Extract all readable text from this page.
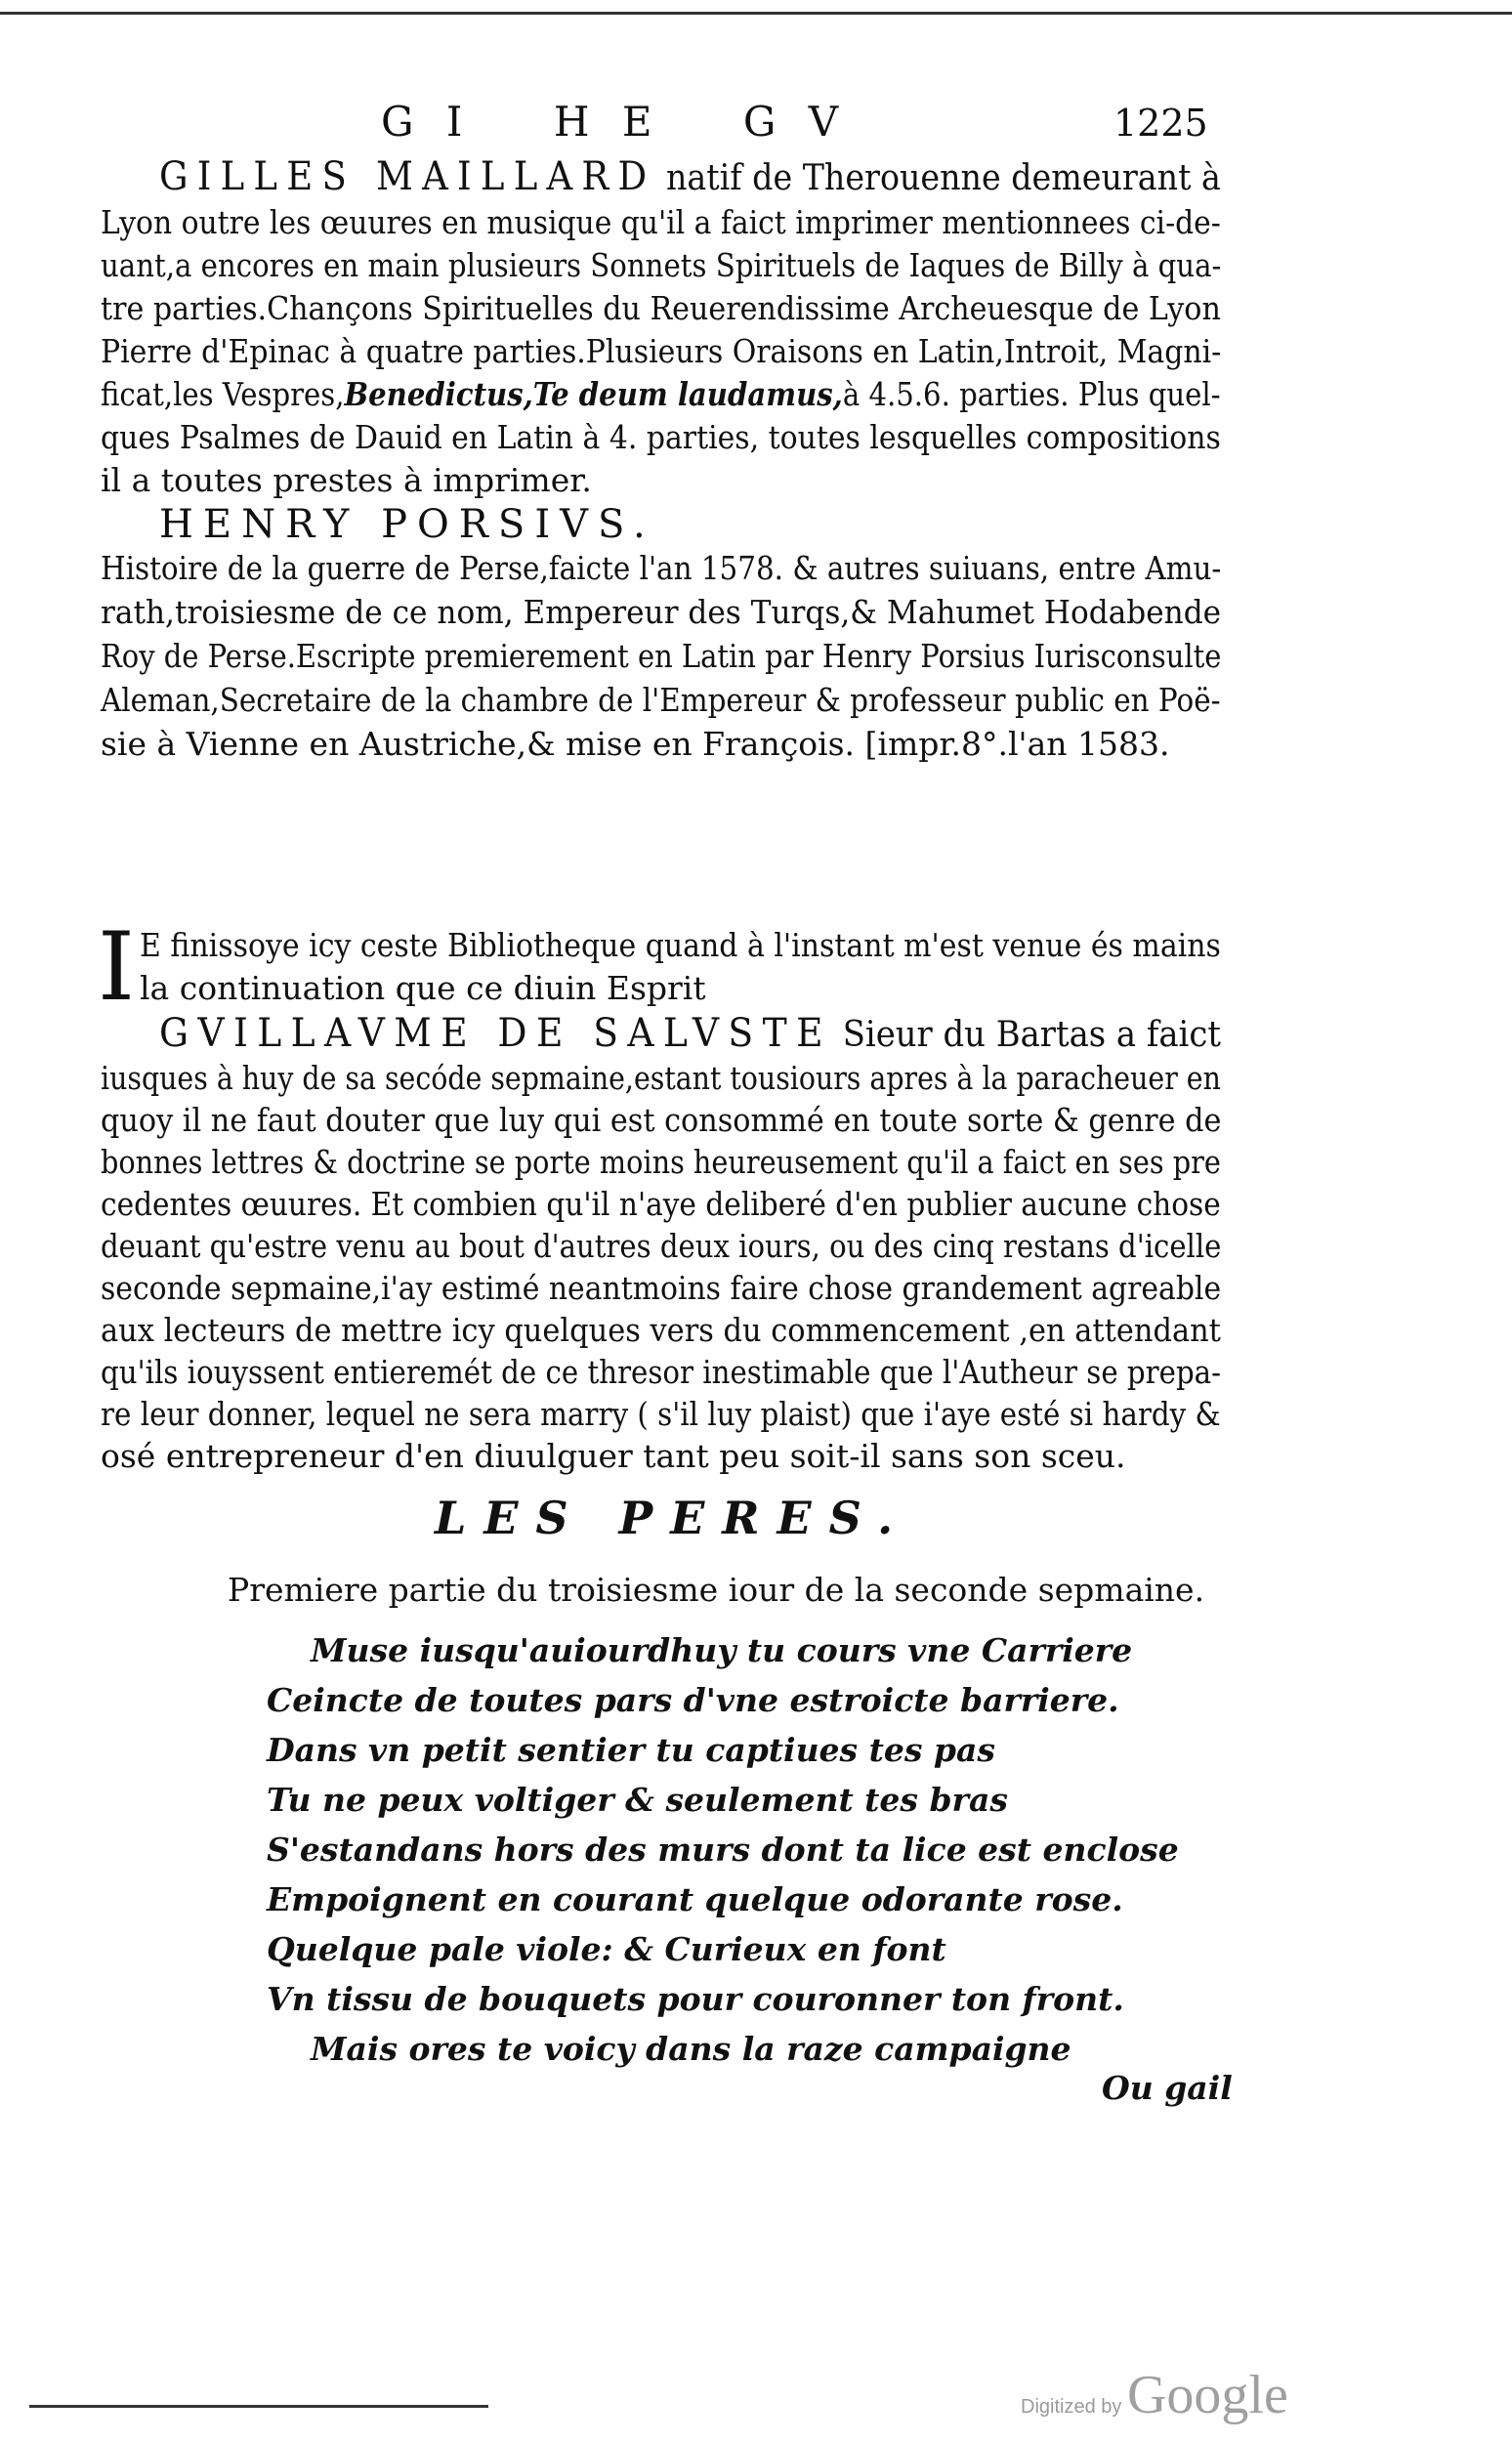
G I H E G V	1225
GILLES MAILLARD natif de Therouenne demeurant à
Lyon outre les œuures en musique qu'il a faict imprimer mentionnees ci-de-
uant,a encores en main plusieurs Sonnets Spirituels de Iaques de Billy à qua-
tre parties.Chançons Spirituelles du Reuerendissime Archeuesque de Lyon
Pierre d'Epinac à quatre parties.Plusieurs Oraisons en Latin,Introit, Magni-
ficat,les Vespres,Benedictus,Te deum laudamus,à 4.5.6. parties. Plus quel-
ques Psalmes de Dauid en Latin à 4. parties, toutes lesquelles compositions
il a toutes prestes à imprimer.
HENRY PORSIVS.
Histoire de la guerre de Perse,faicte l'an 1578. & autres suiuans, entre Amu-
rath,troisiesme de ce nom, Empereur des Turqs,& Mahumet Hodabende
Roy de Perse.Escripte premierement en Latin par Henry Porsius Iurisconsulte
Aleman,Secretaire de la chambre de l'Empereur & professeur public en Poë-
sie à Vienne en Austriche,& mise en François. [impr.8°.l'an 1583.
I E finissoye icy ceste Bibliotheque quand à l'instant m'est venue és mains
la continuation que ce diuin Esprit
GVILLAVME DE SALVSTE Sieur du Bartas a faict
iusques à huy de sa secóde sepmaine,estant tousiours apres à la paracheuer en
quoy il ne faut douter que luy qui est consommé en toute sorte & genre de
bonnes lettres & doctrine se porte moins heureusement qu'il a faict en ses pre
cedentes œuures. Et combien qu'il n'aye deliberé d'en publier aucune chose
deuant qu'estre venu au bout d'autres deux iours, ou des cinq restans d'icelle
seconde sepmaine,i'ay estimé neantmoins faire chose grandement agreable
aux lecteurs de mettre icy quelques vers du commencement ,en attendant
qu'ils iouyssent entieremét de ce thresor inestimable que l'Autheur se prepa-
re leur donner, lequel ne sera marry ( s'il luy plaist) que i'aye esté si hardy &
osé entrepreneur d'en diuulguer tant peu soit-il sans son sceu.
LES PERES.
Premiere partie du troisiesme iour de la seconde sepmaine.
Muse iusqu'auiourdhuy tu cours vne Carriere
Ceincte de toutes pars d'vne estroicte barriere.
Dans vn petit sentier tu captiues tes pas
Tu ne peux voltiger & seulement tes bras
S'estandans hors des murs dont ta lice est enclose
Empoignent en courant quelque odorante rose.
Quelque pale viole: & Curieux en font
Vn tissu de bouquets pour couronner ton front.
Mais ores te voicy dans la raze campaigne
Ou gail
Digitized by Google
